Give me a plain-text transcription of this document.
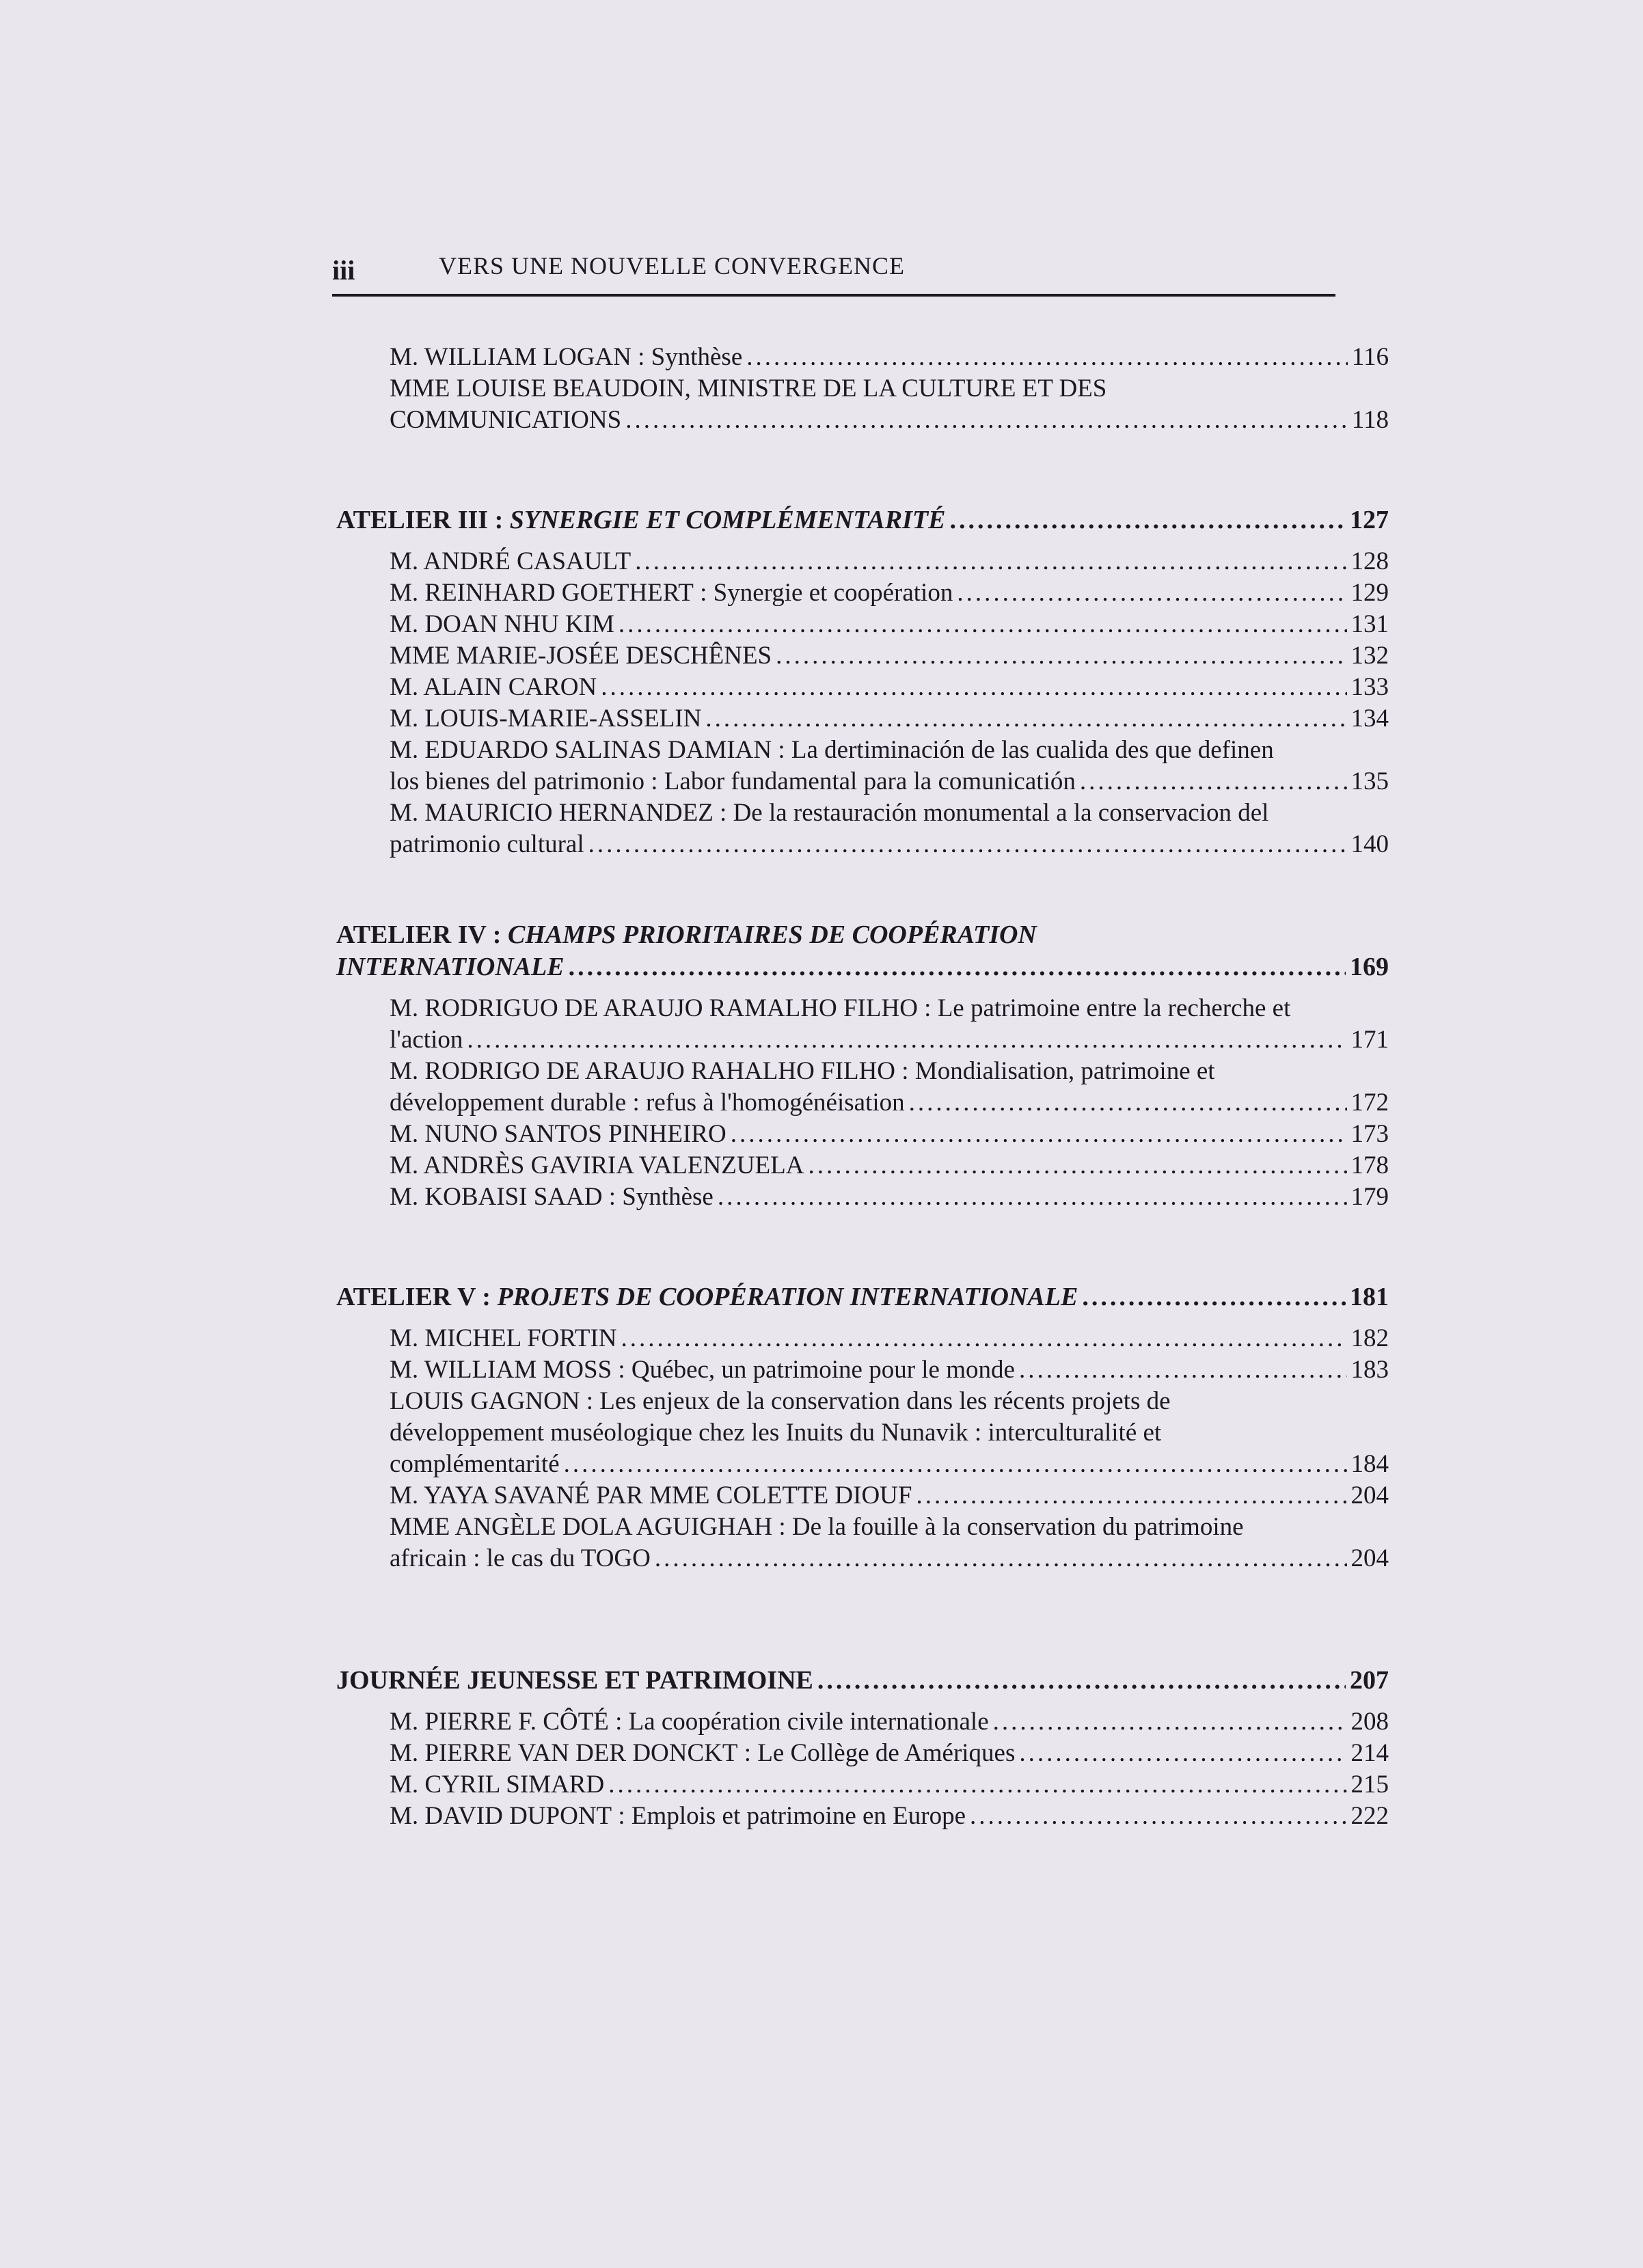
iii	VERS UNE NOUVELLE CONVERGENCE
M. WILLIAM LOGAN : Synthèse .....	116
MME LOUISE BEAUDOIN, MINISTRE DE LA CULTURE ET DES
COMMUNICATIONS .....	118
ATELIER III : SYNERGIE ET COMPLÉMENTARITÉ .....	127
M. ANDRÉ CASAULT .....	128
M. REINHARD GOETHERT : Synergie et coopération .....	129
M. DOAN NHU KIM .....	131
MME MARIE-JOSÉE DESCHÊNES .....	132
M. ALAIN CARON .....	133
M. LOUIS-MARIE-ASSELIN .....	134
M. EDUARDO SALINAS DAMIAN : La dertiminación de las cualida des que definen
los bienes del patrimonio : Labor fundamental para la comunicatión .....	135
M. MAURICIO HERNANDEZ : De la restauración monumental a la conservacion del
patrimonio cultural .....	140
ATELIER IV : CHAMPS PRIORITAIRES DE COOPÉRATION
INTERNATIONALE .....	169
M. RODRIGUO DE ARAUJO RAMALHO FILHO : Le patrimoine entre la recherche et
l'action .....	171
M. RODRIGO DE ARAUJO RAHALHO FILHO : Mondialisation, patrimoine et
développement durable : refus à l'homogénéisation .....	172
M. NUNO SANTOS PINHEIRO .....	173
M. ANDRÈS GAVIRIA VALENZUELA .....	178
M. KOBAISI SAAD : Synthèse .....	179
ATELIER V : PROJETS DE COOPÉRATION INTERNATIONALE .....	181
M. MICHEL FORTIN .....	182
M. WILLIAM MOSS : Québec, un patrimoine pour le monde .....	183
LOUIS GAGNON : Les enjeux de la conservation dans les récents projets de
développement muséologique chez les Inuits du Nunavik : interculturalité et
complémentarité .....	184
M. YAYA SAVANÉ PAR MME COLETTE DIOUF .....	204
MME ANGÈLE DOLA AGUIGHAH : De la fouille à la conservation du patrimoine
africain : le cas du TOGO .....	204
JOURNÉE JEUNESSE ET PATRIMOINE .....	207
M. PIERRE F. CÔTÉ : La coopération civile internationale .....	208
M. PIERRE VAN DER DONCKT : Le Collège de Amériques .....	214
M. CYRIL SIMARD .....	215
M. DAVID DUPONT : Emplois et patrimoine en Europe .....	222
